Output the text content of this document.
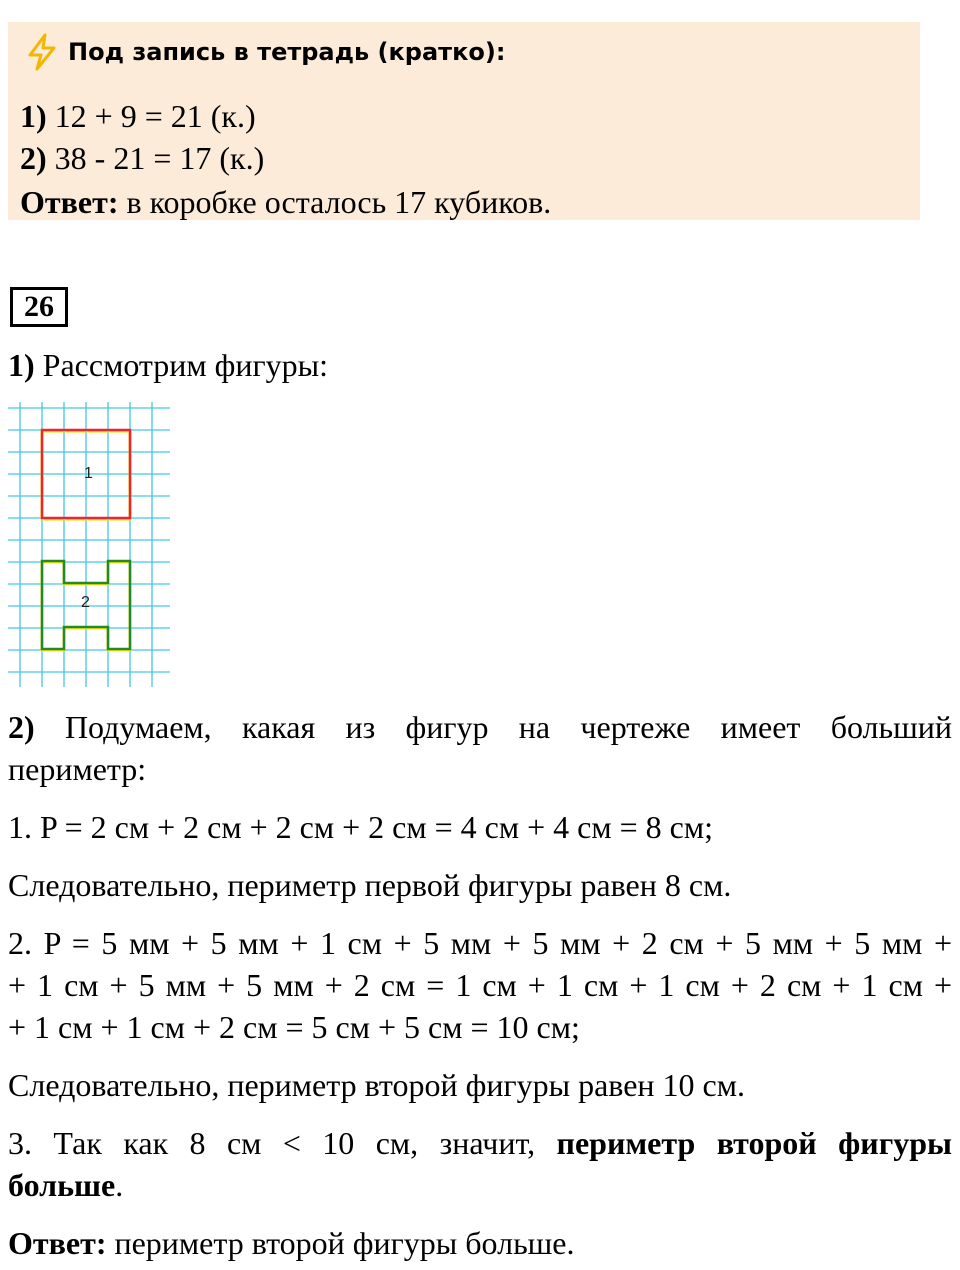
Под запись в тетрадь (кратко):
1) 12 + 9 = 21 (к.)
2) 38 - 21 = 17 (к.)
Ответ: в коробке осталось 17 кубиков.
26
1) Рассмотрим фигуры:
1
2
2) Подумаем, какая из фигур на чертеже имеет больший
периметр:
1. P = 2 см + 2 см + 2 см + 2 см = 4 см + 4 см = 8 см;
Следовательно, периметр первой фигуры равен 8 см.
2. P = 5 мм + 5 мм + 1 см + 5 мм + 5 мм + 2 см + 5 мм + 5 мм +
+ 1 см + 5 мм + 5 мм + 2 см = 1 см + 1 см + 1 см + 2 см + 1 см +
+ 1 см + 1 см + 2 см = 5 см + 5 см = 10 см;
Следовательно, периметр второй фигуры равен 10 см.
3. Так как 8 см < 10 см, значит, периметр второй фигуры
больше.
Ответ: периметр второй фигуры больше.
